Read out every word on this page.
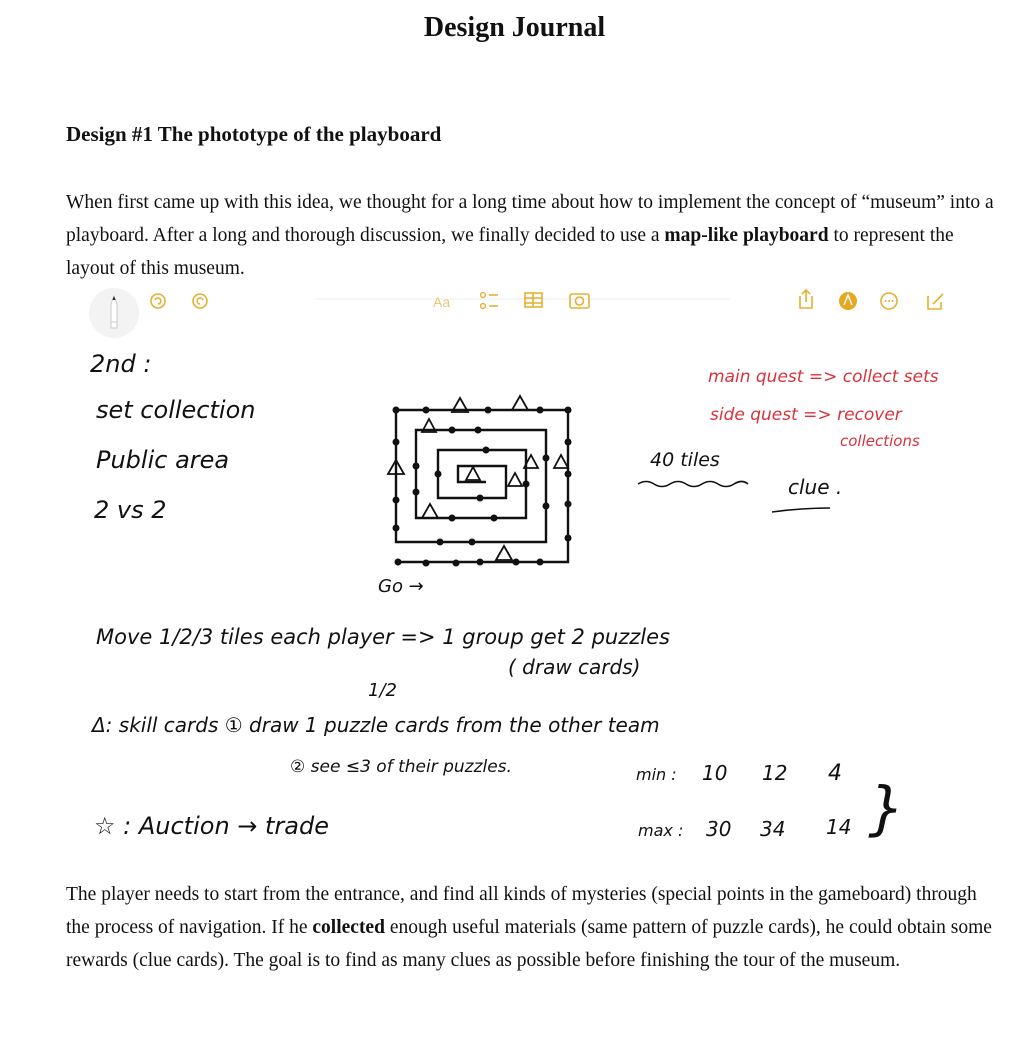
Design Journal
Design #1 The phototype of the playboard

When first came up with this idea, we thought for a long time about how to implement the concept of “museum” into a playboard. After a long and thorough discussion, we finally decided to use a map-like playboard to represent the layout of this museum.

Aa
2nd :
set collection
Public area
2 vs 2
main quest => collect sets
side quest => recover
collections
40 tiles
clue .
Go →
Move 1/2/3 tiles each player => 1 group get 2 puzzles
( draw cards)
1/2
Δ: skill cards ① draw 1 puzzle cards from the other team
② see ≤3 of their puzzles.
☆ : Auction → trade
min : 10 12 4
max : 30 34 14 }

The player needs to start from the entrance, and find all kinds of mysteries (special points in the gameboard) through the process of navigation. If he collected enough useful materials (same pattern of puzzle cards), he could obtain some rewards (clue cards). The goal is to find as many clues as possible before finishing the tour of the museum.
